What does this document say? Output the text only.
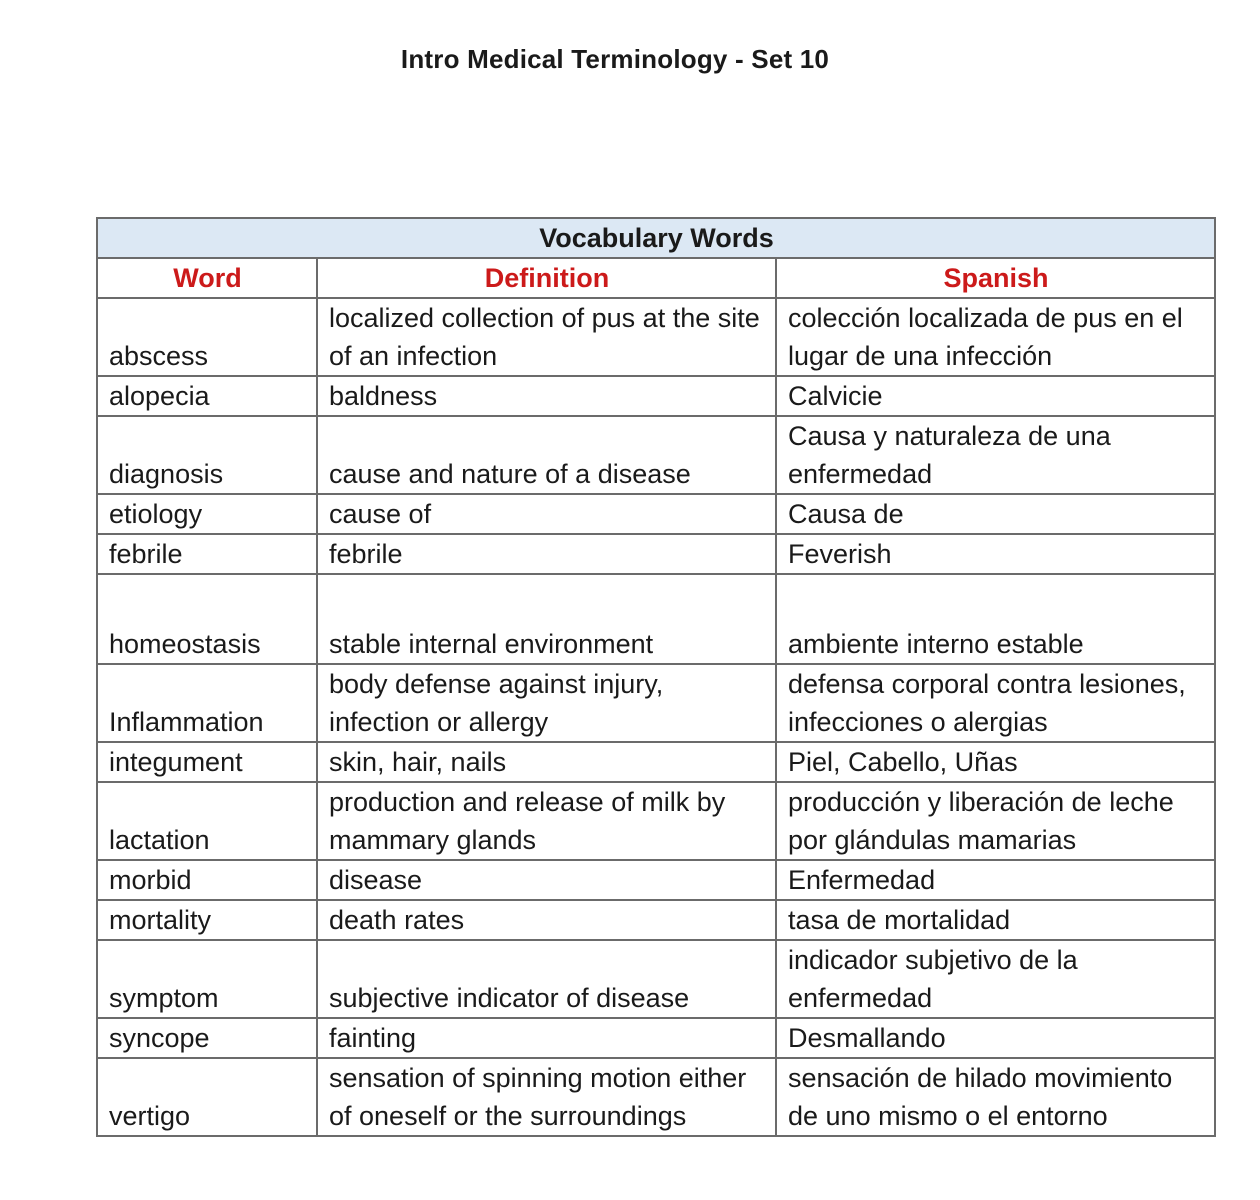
Intro Medical Terminology - Set 10
Vocabulary Words		
Word	Definition	Spanish
abscess	localized collection of pus at the site of an infection	colección localizada de pus en el lugar de una infección
alopecia	baldness	Calvicie
diagnosis	cause and nature of a disease	Causa y naturaleza de una enfermedad
etiology	cause of	Causa de
febrile	febrile	Feverish
homeostasis	stable internal environment	ambiente interno estable
Inflammation	body defense against injury, infection or allergy	defensa corporal contra lesiones, infecciones o alergias
integument	skin, hair, nails	Piel, Cabello, Uñas
lactation	production and release of milk by mammary glands	producción y liberación de leche por glándulas mamarias
morbid	disease	Enfermedad
mortality	death rates	tasa de mortalidad
symptom	subjective indicator of disease	indicador subjetivo de la enfermedad
syncope	fainting	Desmallando
vertigo	sensation of spinning motion either of oneself or the surroundings	sensación de hilado movimiento de uno mismo o el entorno
